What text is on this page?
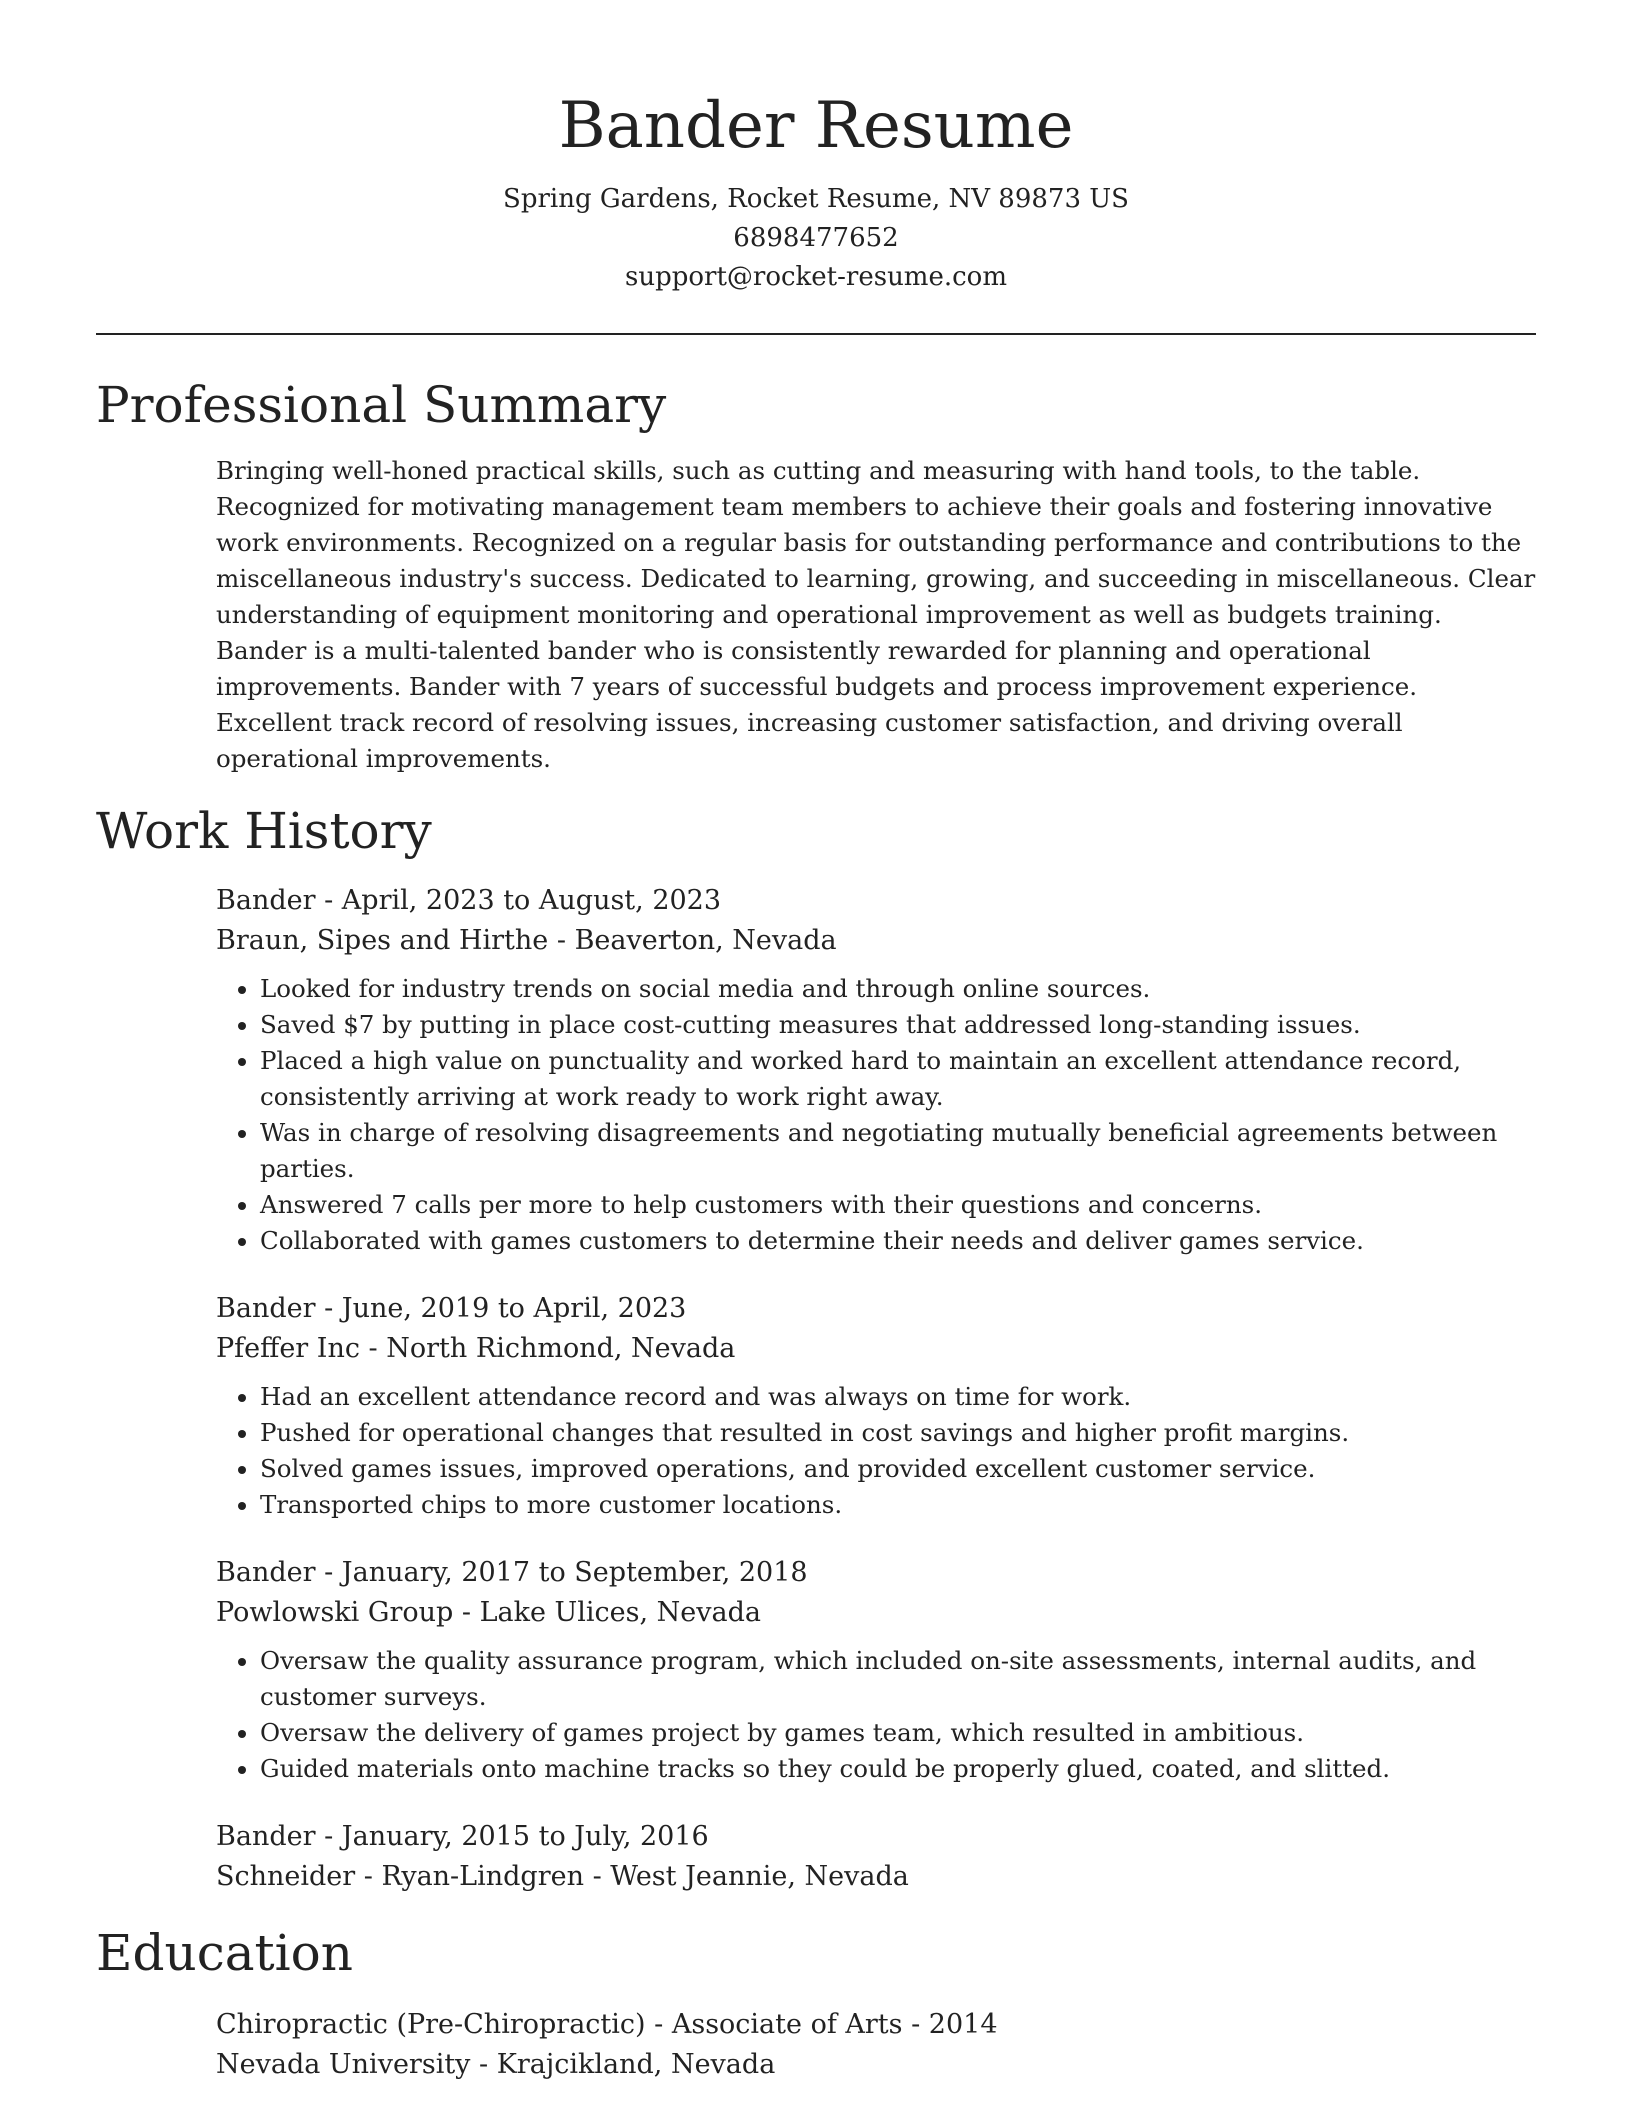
Bander Resume
Spring Gardens, Rocket Resume, NV 89873 US
6898477652
support@rocket-resume.com
Professional Summary
Bringing well-honed practical skills, such as cutting and measuring with hand tools, to the table. Recognized for motivating management team members to achieve their goals and fostering innovative work environments. Recognized on a regular basis for outstanding performance and contributions to the miscellaneous industry's success. Dedicated to learning, growing, and succeeding in miscellaneous. Clear understanding of equipment monitoring and operational improvement as well as budgets training. Bander is a multi-talented bander who is consistently rewarded for planning and operational improvements. Bander with 7 years of successful budgets and process improvement experience. Excellent track record of resolving issues, increasing customer satisfaction, and driving overall operational improvements.
Work History
Bander - April, 2023 to August, 2023
Braun, Sipes and Hirthe - Beaverton, Nevada
• Looked for industry trends on social media and through online sources.
• Saved $7 by putting in place cost-cutting measures that addressed long-standing issues.
• Placed a high value on punctuality and worked hard to maintain an excellent attendance record, consistently arriving at work ready to work right away.
• Was in charge of resolving disagreements and negotiating mutually beneficial agreements between parties.
• Answered 7 calls per more to help customers with their questions and concerns.
• Collaborated with games customers to determine their needs and deliver games service.
Bander - June, 2019 to April, 2023
Pfeffer Inc - North Richmond, Nevada
• Had an excellent attendance record and was always on time for work.
• Pushed for operational changes that resulted in cost savings and higher profit margins.
• Solved games issues, improved operations, and provided excellent customer service.
• Transported chips to more customer locations.
Bander - January, 2017 to September, 2018
Powlowski Group - Lake Ulices, Nevada
• Oversaw the quality assurance program, which included on-site assessments, internal audits, and customer surveys.
• Oversaw the delivery of games project by games team, which resulted in ambitious.
• Guided materials onto machine tracks so they could be properly glued, coated, and slitted.
Bander - January, 2015 to July, 2016
Schneider - Ryan-Lindgren - West Jeannie, Nevada
Education
Chiropractic (Pre-Chiropractic) - Associate of Arts - 2014
Nevada University - Krajcikland, Nevada
